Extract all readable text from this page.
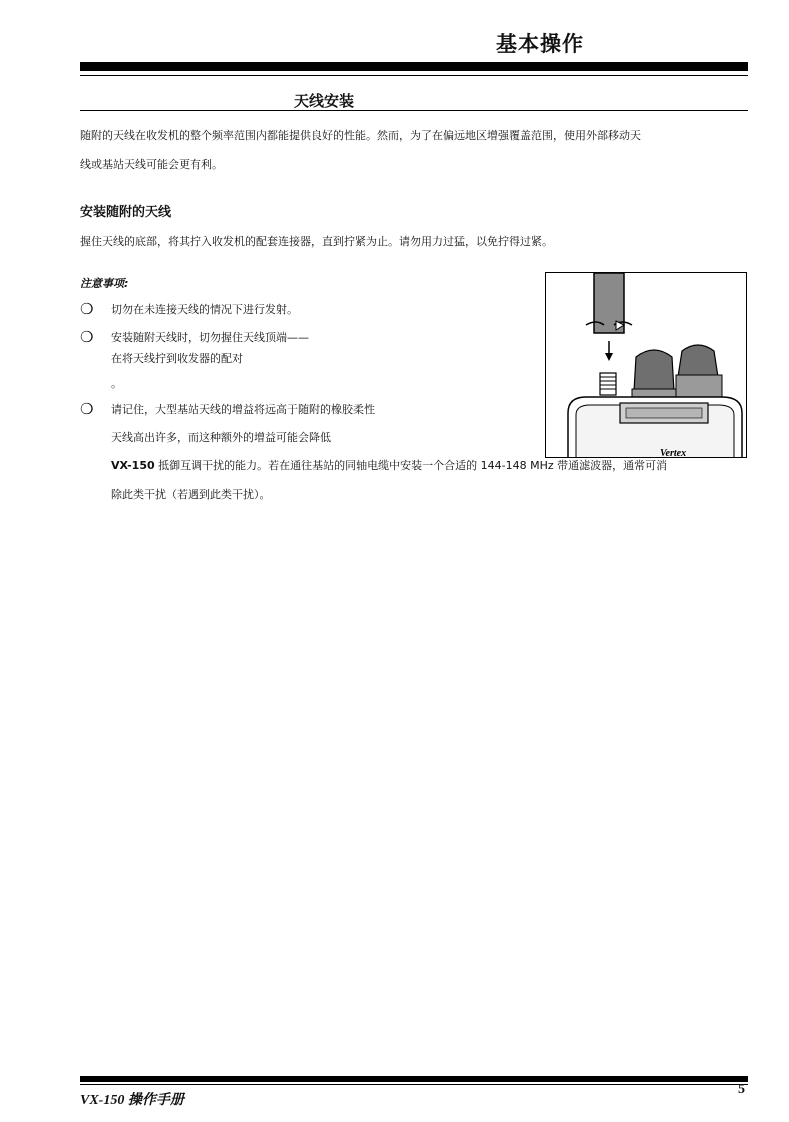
基本操作
天线安装
随附的天线在收发机的整个频率范围内都能提供良好的性能。然而，为了在偏远地区增强覆盖范围，使用外部移动天
线或基站天线可能会更有利。
安装随附的天线
握住天线的底部，将其拧入收发机的配套连接器，直到拧紧为止。请勿用力过猛，以免拧得过紧。
注意事项:
Vertex
❍ 切勿在未连接天线的情况下进行发射。
❍ 安装随附天线时，切勿握住天线顶端——
在将天线拧到收发器的配对
。
❍ 请记住，大型基站天线的增益将远高于随附的橡胶柔性
天线高出许多，而这种额外的增益可能会降低
VX-150 抵御互调干扰的能力。若在通往基站的同轴电缆中安装一个合适的 144-148 MHz 带通滤波器，通常可消
除此类干扰（若遇到此类干扰）。
VX-150 操作手册
5
